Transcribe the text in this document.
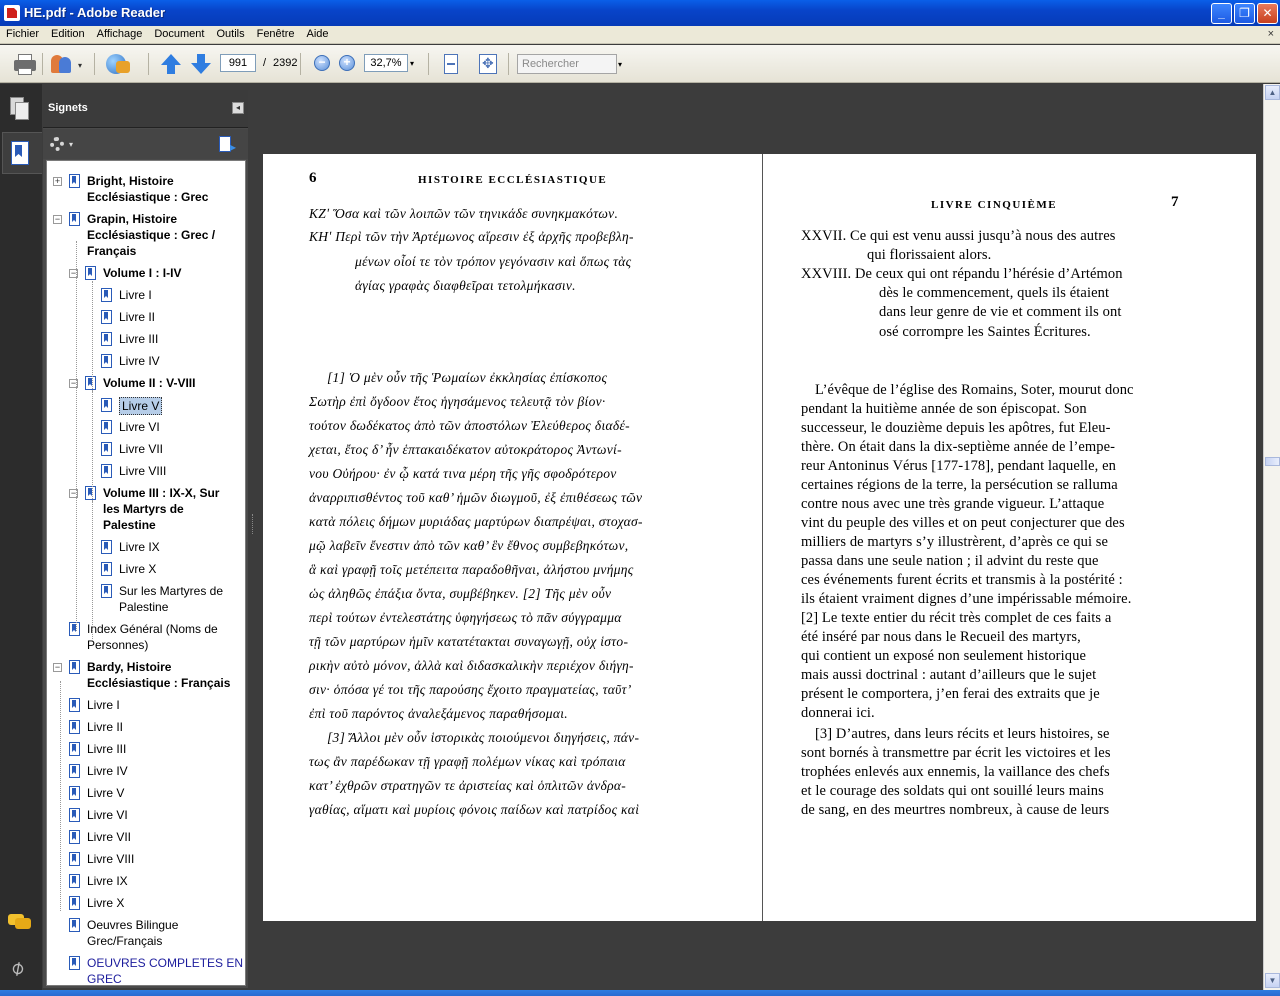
HE.pdf - Adobe Reader	_	❐	✕
Fichier Edition Affichage Document Outils Fenêtre Aide	×
▾	991	/ 2392	−	+	32,7%	▾
✥	Rechercher	▾
⌀
Signets	◂
▾	▸
Bright, Histoire
+
Ecclésiastique : Grec
Grapin, Histoire
−
Ecclésiastique : Grec /
Français
Volume I : I-IV
−
Livre I
Livre II
Livre III
Livre IV
Volume II : V-VIII
−
Livre V
Livre VI
Livre VII
Livre VIII
Volume III : IX-X, Sur
−
les Martyrs de
Palestine
Livre IX
Livre X
Sur les Martyres de
Palestine
Index Général (Noms de
Personnes)
Bardy, Histoire
−
Ecclésiastique : Français
Livre I
Livre II
Livre III
Livre IV
Livre V
Livre VI
Livre VII
Livre VIII
Livre IX
Livre X
Oeuvres Bilingue
Grec/Français
OEUVRES COMPLETES EN
GREC
6	HISTOIRE ECCLÉSIASTIQUE
ΚΖʹ Ὅσα καὶ τῶν λοιπῶν τῶν τηνικάδε συνηκμακότων.
ΚΗʹ Περὶ τῶν τὴν Ἀρτέμωνος αἵρεσιν ἐξ ἀρχῆς προβεβλη-
μένων οἷοί τε τὸν τρόπον γεγόνασιν καὶ ὅπως τὰς
ἁγίας γραφὰς διαφθεῖραι τετολμήκασιν.
[1] Ὁ μὲν οὖν τῆς Ῥωμαίων ἐκκλησίας ἐπίσκοπος
Σωτὴρ ἐπὶ ὄγδοον ἔτος ἡγησάμενος τελευτᾷ τὸν βίον·
τούτον δωδέκατος ἀπὸ τῶν ἀποστόλων Ἐλεύθερος διαδέ-
χεται, ἔτος δ’ ἦν ἑπτακαιδέκατον αὐτοκράτορος Ἀντωνί-
νου Οὐήρου· ἐν ᾧ κατά τινα μέρη τῆς γῆς σφοδρότερον
ἀναρριπισθέντος τοῦ καθ’ ἡμῶν διωγμοῦ, ἐξ ἐπιθέσεως τῶν
κατὰ πόλεις δήμων μυριάδας μαρτύρων διαπρέψαι, στοχασ-
μῷ λαβεῖν ἔνεστιν ἀπὸ τῶν καθ’ ἓν ἔθνος συμβεβηκότων,
ἃ καὶ γραφῇ τοῖς μετέπειτα παραδοθῆναι, ἀλήστου μνήμης
ὡς ἀληθῶς ἐπάξια ὄντα, συμβέβηκεν. [2] Τῆς μὲν οὖν
περὶ τούτων ἐντελεστάτης ὑφηγήσεως τὸ πᾶν σύγγραμμα
τῇ τῶν μαρτύρων ἡμῖν κατατέτακται συναγωγῇ, οὐχ ἱστο-
ρικὴν αὐτὸ μόνον, ἀλλὰ καὶ διδασκαλικὴν περιέχον διήγη-
σιν· ὁπόσα γέ τοι τῆς παρούσης ἔχοιτο πραγματείας, ταῦτ’
ἐπὶ τοῦ παρόντος ἀναλεξάμενος παραθήσομαι.
[3] Ἄλλοι μὲν οὖν ἱστορικὰς ποιούμενοι διηγήσεις, πάν-
τως ἂν παρέδωκαν τῇ γραφῇ πολέμων νίκας καὶ τρόπαια
κατ’ ἐχθρῶν στρατηγῶν τε ἀριστείας καὶ ὁπλιτῶν ἀνδρα-
γαθίας, αἵματι καὶ μυρίοις φόνοις παίδων καὶ πατρίδος καὶ
LIVRE CINQUIÈME	7
XXVII. Ce qui est venu aussi jusqu’à nous des autres
qui florissaient alors.
XXVIII. De ceux qui ont répandu l’hérésie d’Artémon
dès le commencement, quels ils étaient
dans leur genre de vie et comment ils ont
osé corrompre les Saintes Écritures.
L’évêque de l’église des Romains, Soter, mourut donc
pendant la huitième année de son épiscopat. Son
successeur, le douzième depuis les apôtres, fut Eleu-
thère. On était dans la dix-septième année de l’empe-
reur Antoninus Vérus [177-178], pendant laquelle, en
certaines régions de la terre, la persécution se ralluma
contre nous avec une très grande vigueur. L’attaque
vint du peuple des villes et on peut conjecturer que des
milliers de martyrs s’y illustrèrent, d’après ce qui se
passa dans une seule nation ; il advint du reste que
ces événements furent écrits et transmis à la postérité :
ils étaient vraiment dignes d’une impérissable mémoire.
[2] Le texte entier du récit très complet de ces faits a
été inséré par nous dans le Recueil des martyrs,
qui contient un exposé non seulement historique
mais aussi doctrinal : autant d’ailleurs que le sujet
présent le comportera, j’en ferai des extraits que je
donnerai ici.
[3] D’autres, dans leurs récits et leurs histoires, se
sont bornés à transmettre par écrit les victoires et les
trophées enlevés aux ennemis, la vaillance des chefs
et le courage des soldats qui ont souillé leurs mains
de sang, en des meurtres nombreux, à cause de leurs
▲
▼
